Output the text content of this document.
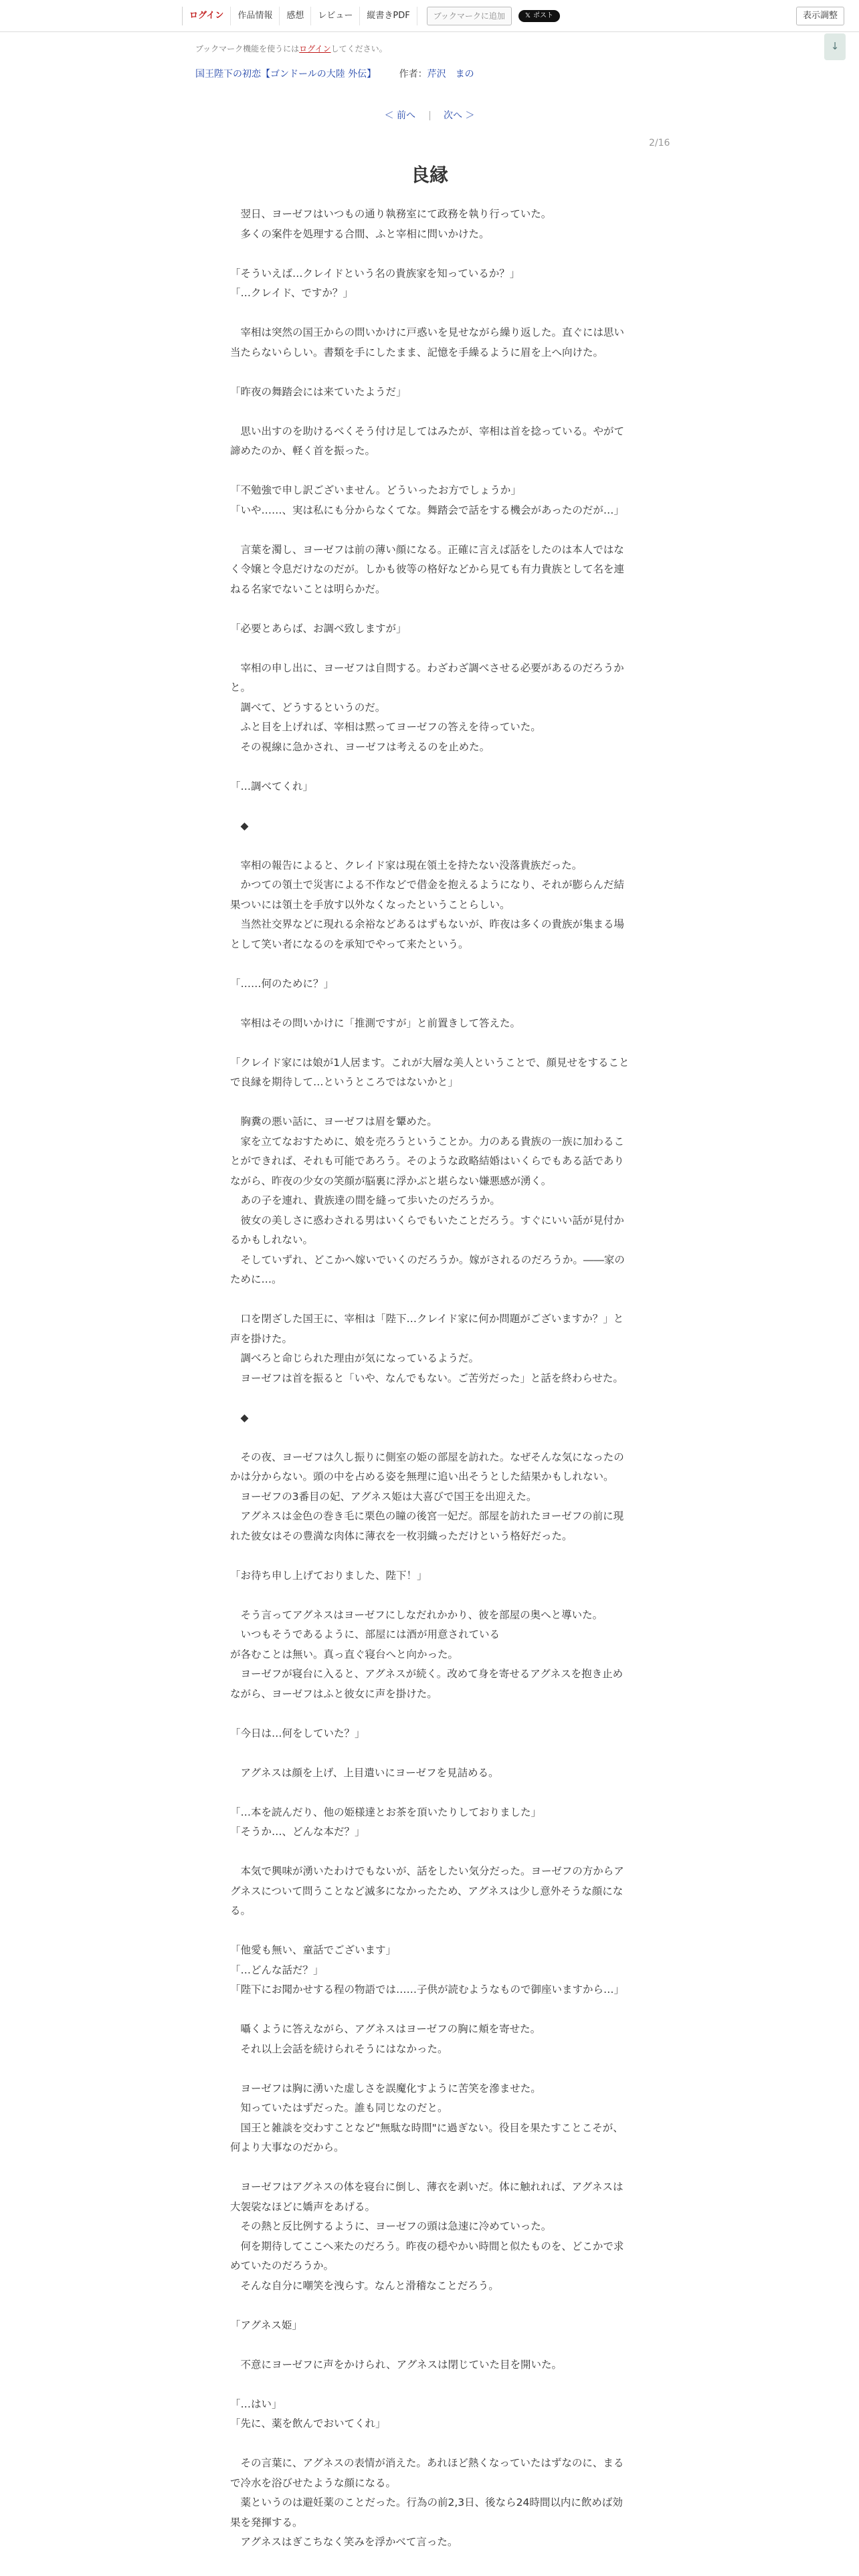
ログイン	作品情報	感想	レビュー	縦書きPDF	ブックマークに追加	𝕏 ポスト	表示調整
ブックマーク機能を使うにはログインしてください。	↓
国王陛下の初恋【ゴンドールの大陸 外伝】 作者：芹沢　まの
＜ 前へ	次へ ＞
2/16
良縁

　翌日、ヨーゼフはいつもの通り執務室にて政務を執り行っていた。

　多くの案件を処理する合間、ふと宰相に問いかけた。

「そういえば…クレイドという名の貴族家を知っているか？」

「…クレイド、ですか？」

　宰相は突然の国王からの問いかけに戸惑いを見せながら繰り返した。直ぐには思い当たらないらしい。書類を手にしたまま、記憶を手繰るように眉を上へ向けた。

「昨夜の舞踏会には来ていたようだ」

　思い出すのを助けるべくそう付け足してはみたが、宰相は首を捻っている。やがて諦めたのか、軽く首を振った。

「不勉強で申し訳ございません。どういったお方でしょうか」

「いや……、実は私にも分からなくてな。舞踏会で話をする機会があったのだが…」

　言葉を濁し、ヨーゼフは前の薄い顔になる。正確に言えば話をしたのは本人ではなく令嬢と令息だけなのだが。しかも彼等の格好などから見ても有力貴族として名を連ねる名家でないことは明らかだ。

「必要とあらば、お調べ致しますが」

　宰相の申し出に、ヨーゼフは自問する。わざわざ調べさせる必要があるのだろうかと。

　調べて、どうするというのだ。

　ふと目を上げれば、宰相は黙ってヨーゼフの答えを待っていた。

　その視線に急かされ、ヨーゼフは考えるのを止めた。

「…調べてくれ」

　◆

　宰相の報告によると、クレイド家は現在領土を持たない没落貴族だった。

　かつての領土で災害による不作などで借金を抱えるようになり、それが膨らんだ結果ついには領土を手放す以外なくなったということらしい。

　当然社交界などに現れる余裕などあるはずもないが、昨夜は多くの貴族が集まる場として笑い者になるのを承知でやって来たという。

「……何のために？」

　宰相はその問いかけに「推測ですが」と前置きして答えた。

「クレイド家には娘が1人居ます。これが大層な美人ということで、顔見せをすることで良縁を期待して…というところではないかと」

　胸糞の悪い話に、ヨーゼフは眉を顰めた。

　家を立てなおすために、娘を売ろうということか。力のある貴族の一族に加わることができれば、それも可能であろう。そのような政略結婚はいくらでもある話でありながら、昨夜の少女の笑顔が脳裏に浮かぶと堪らない嫌悪感が湧く。

　あの子を連れ、貴族達の間を縫って歩いたのだろうか。

　彼女の美しさに惑わされる男はいくらでもいたことだろう。すぐにいい話が見付かるかもしれない。

　そしていずれ、どこかへ嫁いでいくのだろうか。嫁がされるのだろうか。――家のために…。

　口を閉ざした国王に、宰相は「陛下…クレイド家に何か問題がございますか？」と声を掛けた。

　調べろと命じられた理由が気になっているようだ。

　ヨーゼフは首を振ると「いや、なんでもない。ご苦労だった」と話を終わらせた。

　◆

　その夜、ヨーゼフは久し振りに側室の姫の部屋を訪れた。なぜそんな気になったのかは分からない。頭の中を占める姿を無理に追い出そうとした結果かもしれない。

　ヨーゼフの3番目の妃、アグネス姫は大喜びで国王を出迎えた。

　アグネスは金色の巻き毛に栗色の瞳の後宮一妃だ。部屋を訪れたヨーゼフの前に現れた彼女はその豊満な肉体に薄衣を一枚羽織っただけという格好だった。

「お待ち申し上げておりました、陛下！」

　そう言ってアグネスはヨーゼフにしなだれかかり、彼を部屋の奥へと導いた。

　いつもそうであるように、部屋には酒が用意されている

が各むことは無い。真っ直ぐ寝台へと向かった。

　ヨーゼフが寝台に入ると、アグネスが続く。改めて身を寄せるアグネスを抱き止めながら、ヨーゼフはふと彼女に声を掛けた。

「今日は…何をしていた？」

　アグネスは顔を上げ、上目遣いにヨーゼフを見詰める。

「…本を読んだり、他の姫様達とお茶を頂いたりしておりました」

「そうか…、どんな本だ？」

　本気で興味が湧いたわけでもないが、話をしたい気分だった。ヨーゼフの方からアグネスについて問うことなど滅多になかったため、アグネスは少し意外そうな顔になる。

「他愛も無い、童話でございます」

「…どんな話だ？」

「陛下にお聞かせする程の物語では……子供が読むようなもので御座いますから…」

　囁くように答えながら、アグネスはヨーゼフの胸に頬を寄せた。

　それ以上会話を続けられそうにはなかった。

　ヨーゼフは胸に湧いた虚しさを誤魔化すように苦笑を滲ませた。

　知っていたはずだった。誰も同じなのだと。

　国王と雑談を交わすことなど"無駄な時間"に過ぎない。役目を果たすことこそが、何より大事なのだから。

　ヨーゼフはアグネスの体を寝台に倒し、薄衣を剥いだ。体に触れれば、アグネスは大袈裟なほどに嬌声をあげる。

　その熱と反比例するように、ヨーゼフの頭は急速に冷めていった。

　何を期待してここへ来たのだろう。昨夜の穏やかい時間と似たものを、どこかで求めていたのだろうか。

　そんな自分に嘲笑を洩らす。なんと滑稽なことだろう。

「アグネス姫」

　不意にヨーゼフに声をかけられ、アグネスは閉じていた目を開いた。

「…はい」

「先に、薬を飲んでおいてくれ」

　その言葉に、アグネスの表情が消えた。あれほど熱くなっていたはずなのに、まるで冷水を浴びせたような顔になる。

　薬というのは避妊薬のことだった。行為の前2,3日、後なら24時間以内に飲めば効果を発揮する。

　アグネスはぎこちなく笑みを浮かべて言った。
